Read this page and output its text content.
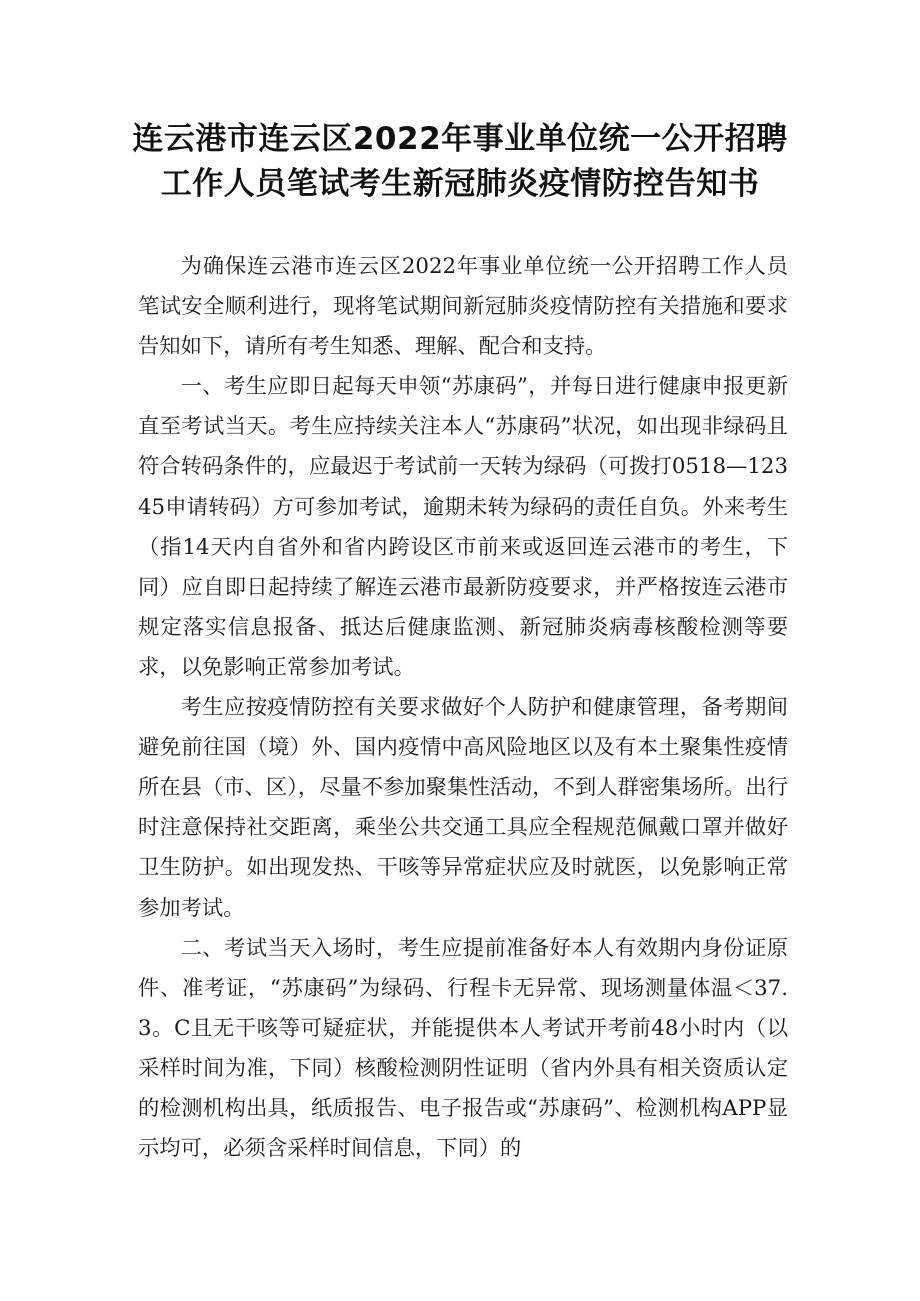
连云港市连云区2022年事业单位统一公开招聘
工作人员笔试考生新冠肺炎疫情防控告知书

为确保连云港市连云区2022年事业单位统一公开招聘工作人员笔试安全顺利进行，现将笔试期间新冠肺炎疫情防控有关措施和要求告知如下，请所有考生知悉、理解、配合和支持。

一、考生应即日起每天申领“苏康码”，并每日进行健康申报更新直至考试当天。考生应持续关注本人“苏康码”状况，如出现非绿码且符合转码条件的，应最迟于考试前一天转为绿码（可拨打0518—12345申请转码）方可参加考试，逾期未转为绿码的责任自负。外来考生（指14天内自省外和省内跨设区市前来或返回连云港市的考生，下同）应自即日起持续了解连云港市最新防疫要求，并严格按连云港市规定落实信息报备、抵达后健康监测、新冠肺炎病毒核酸检测等要求，以免影响正常参加考试。

考生应按疫情防控有关要求做好个人防护和健康管理，备考期间避免前往国（境）外、国内疫情中高风险地区以及有本土聚集性疫情所在县（市、区），尽量不参加聚集性活动，不到人群密集场所。出行时注意保持社交距离，乘坐公共交通工具应全程规范佩戴口罩并做好卫生防护。如出现发热、干咳等异常症状应及时就医，以免影响正常参加考试。

二、考试当天入场时，考生应提前准备好本人有效期内身份证原件、准考证，“苏康码”为绿码、行程卡无异常、现场测量体温＜37.3。C且无干咳等可疑症状，并能提供本人考试开考前48小时内（以采样时间为准，下同）核酸检测阴性证明（省内外具有相关资质认定的检测机构出具，纸质报告、电子报告或“苏康码”、检测机构APP显示均可，必须含采样时间信息，下同）的
